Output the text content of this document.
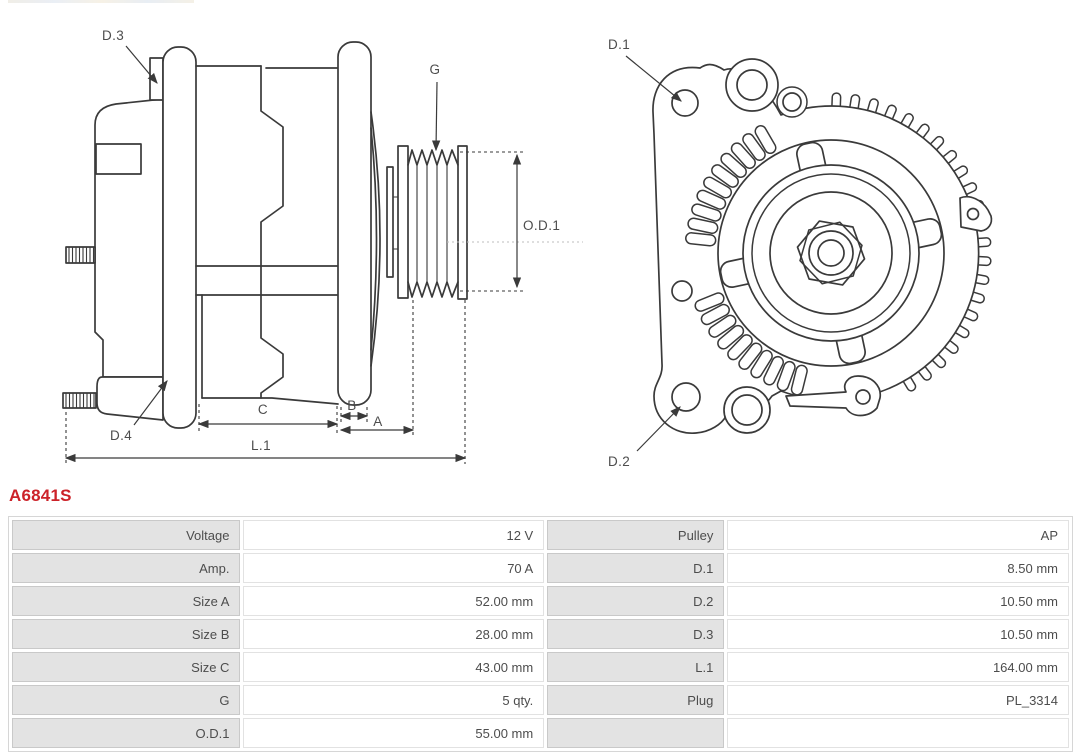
C	B
A
L.1
O.D.1
G
D.3
D.4
D.1
D.2
A6841S
Voltage	12 V	Pulley	AP
Amp.	70 A	D.1	8.50 mm
Size A	52.00 mm	D.2	10.50 mm
Size B	28.00 mm	D.3	10.50 mm
Size C	43.00 mm	L.1	164.00 mm
G	5 qty.	Plug	PL_3314
O.D.1	55.00 mm		
